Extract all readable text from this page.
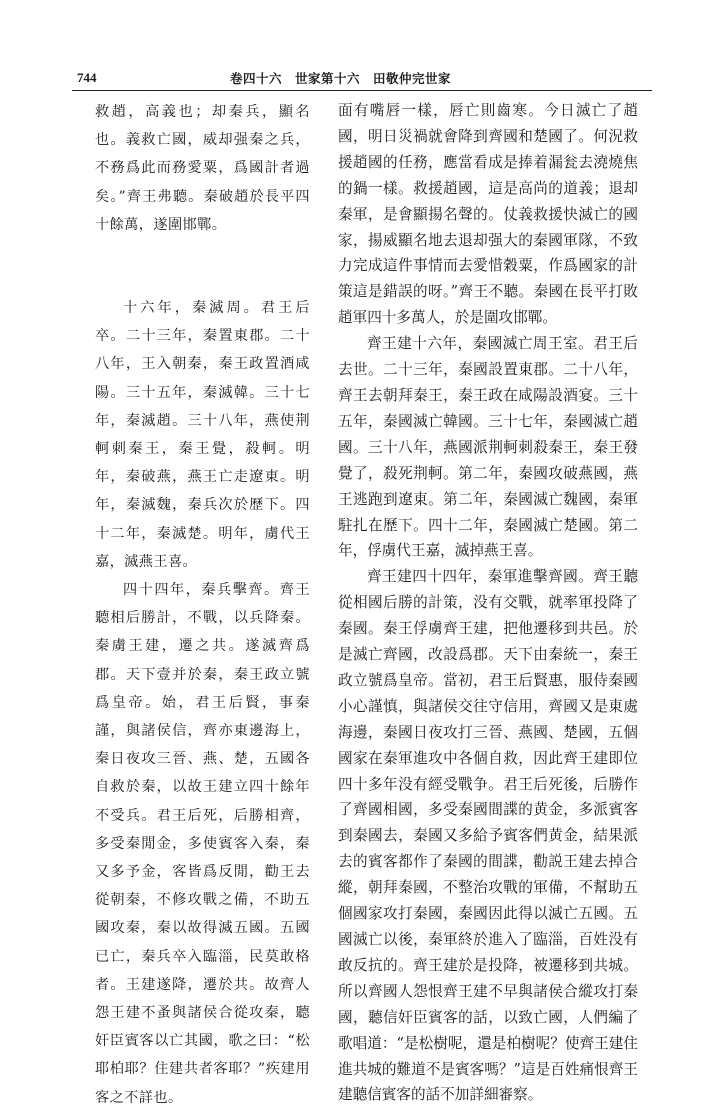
744	卷四十六　世家第十六　田敬仲完世家

救趙，高義也；却秦兵，顯名也。義救亡國，威却强秦之兵，不務爲此而務愛粟，爲國計者過矣。”齊王弗聽。秦破趙於長平四十餘萬，遂圍邯鄲。

十六年，秦滅周。君王后卒。二十三年，秦置東郡。二十八年，王入朝秦，秦王政置酒咸陽。三十五年，秦滅韓。三十七年，秦滅趙。三十八年，燕使荆軻刺秦王，秦王覺，殺軻。明年，秦破燕，燕王亡走遼東。明年，秦滅魏，秦兵次於歷下。四十二年，秦滅楚。明年，虜代王嘉，滅燕王喜。

四十四年，秦兵擊齊。齊王聽相后勝計，不戰，以兵降秦。秦虜王建，遷之共。遂滅齊爲郡。天下壹并於秦，秦王政立號爲皇帝。始，君王后賢，事秦謹，與諸侯信，齊亦東邊海上，秦日夜攻三晉、燕、楚，五國各自救於秦，以故王建立四十餘年不受兵。君王后死，后勝相齊，多受秦閒金，多使賓客入秦，秦又多予金，客皆爲反閒，勸王去從朝秦，不修攻戰之備，不助五國攻秦，秦以故得滅五國。五國已亡，秦兵卒入臨淄，民莫敢格者。王建遂降，遷於共。故齊人怨王建不蚤與諸侯合從攻秦，聽奸臣賓客以亡其國，歌之曰：“松耶柏耶？住建共者客耶？”疾建用客之不詳也。

面有嘴唇一樣，唇亡則齒寒。今日滅亡了趙國，明日災禍就會降到齊國和楚國了。何況救援趙國的任務，應當看成是捧着漏瓮去澆燒焦的鍋一樣。救援趙國，這是高尚的道義；退却秦軍，是會顯揚名聲的。仗義救援快滅亡的國家，揚威顯名地去退却强大的秦國軍隊，不致力完成這件事情而去愛惜穀粟，作爲國家的計策這是錯誤的呀。”齊王不聽。秦國在長平打敗趙軍四十多萬人，於是圍攻邯鄲。

齊王建十六年，秦國滅亡周王室。君王后去世。二十三年，秦國設置東郡。二十八年，齊王去朝拜秦王，秦王政在咸陽設酒宴。三十五年，秦國滅亡韓國。三十七年，秦國滅亡趙國。三十八年，燕國派荆軻刺殺秦王，秦王發覺了，殺死荆軻。第二年，秦國攻破燕國，燕王逃跑到遼東。第二年，秦國滅亡魏國，秦軍駐扎在歷下。四十二年，秦國滅亡楚國。第二年，俘虜代王嘉，滅掉燕王喜。

齊王建四十四年，秦軍進擊齊國。齊王聽從相國后勝的計策，没有交戰，就率軍投降了秦國。秦王俘虜齊王建，把他遷移到共邑。於是滅亡齊國，改設爲郡。天下由秦統一，秦王政立號爲皇帝。當初，君王后賢惠，服侍秦國小心謹慎，與諸侯交往守信用，齊國又是東處海邊，秦國日夜攻打三晉、燕國、楚國，五個國家在秦軍進攻中各個自救，因此齊王建即位四十多年没有經受戰争。君王后死後，后勝作了齊國相國，多受秦國間諜的黄金，多派賓客到秦國去，秦國又多給予賓客們黄金，結果派去的賓客都作了秦國的間諜，勸説王建去掉合縱，朝拜秦國，不整治攻戰的軍備，不幫助五個國家攻打秦國，秦國因此得以滅亡五國。五國滅亡以後，秦軍終於進入了臨淄，百姓没有敢反抗的。齊王建於是投降，被遷移到共城。所以齊國人怨恨齊王建不早與諸侯合縱攻打秦國，聽信奸臣賓客的話，以致亡國，人們編了歌唱道：“是松樹呢，還是柏樹呢？使齊王建住進共城的難道不是賓客嗎？”這是百姓痛恨齊王建聽信賓客的話不加詳細審察。
